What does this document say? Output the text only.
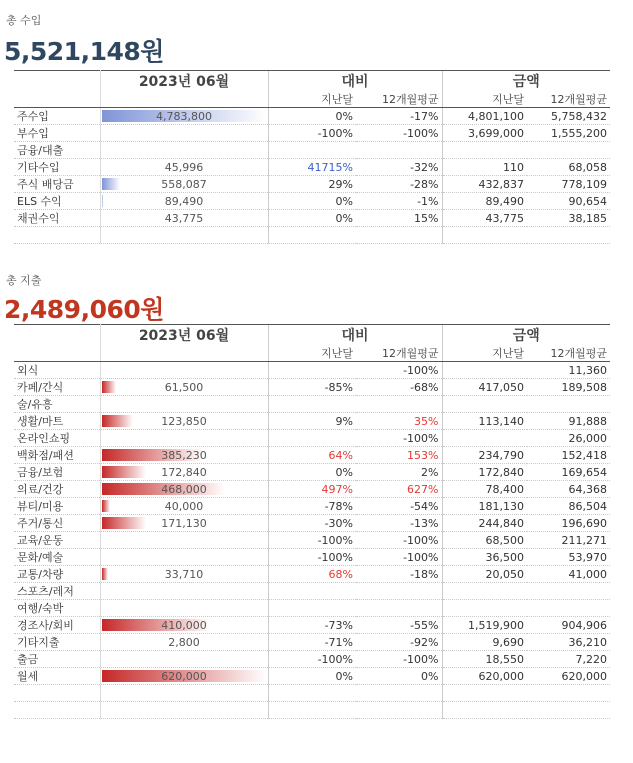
총 수입
5,521,148원
	2023년 06월	대비		금액	
		지난달	12개월평균	지난달	12개월평균
주수입	4,783,800	0%	-17%	4,801,100	5,758,432
부수입		-100%	-100%	3,699,000	1,555,200
금융/대출	

기타수입	45,996	41715%	-32%	110	68,058
주식 배당금	558,087	29%	-28%	432,837	778,109
ELS 수익	89,490	0%	-1%	89,490	90,654
채권수익	43,775	0%	15%	43,775	38,185

총 지출
2,489,060원
	2023년 06월	대비		금액	
		지난달	12개월평균	지난달	12개월평균
외식			-100%		11,360
카페/간식	61,500	-85%	-68%	417,050	189,508
술/유흥	

생활/마트	123,850	9%	35%	113,140	91,888
온라인쇼핑			-100%		26,000
백화점/패션	385,230	64%	153%	234,790	152,418
금융/보험	172,840	0%	2%	172,840	169,654
의료/건강	468,000	497%	627%	78,400	64,368
뷰티/미용	40,000	-78%	-54%	181,130	86,504
주거/통신	171,130	-30%	-13%	244,840	196,690
교육/운동		-100%	-100%	68,500	211,271
문화/예술		-100%	-100%	36,500	53,970
교통/차량	33,710	68%	-18%	20,050	41,000
스포츠/레저	

여행/숙박	

경조사/회비	410,000	-73%	-55%	1,519,900	904,906
기타지출	2,800	-71%	-92%	9,690	36,210
출금		-100%	-100%	18,550	7,220
월세	620,000	0%	0%	620,000	620,000
